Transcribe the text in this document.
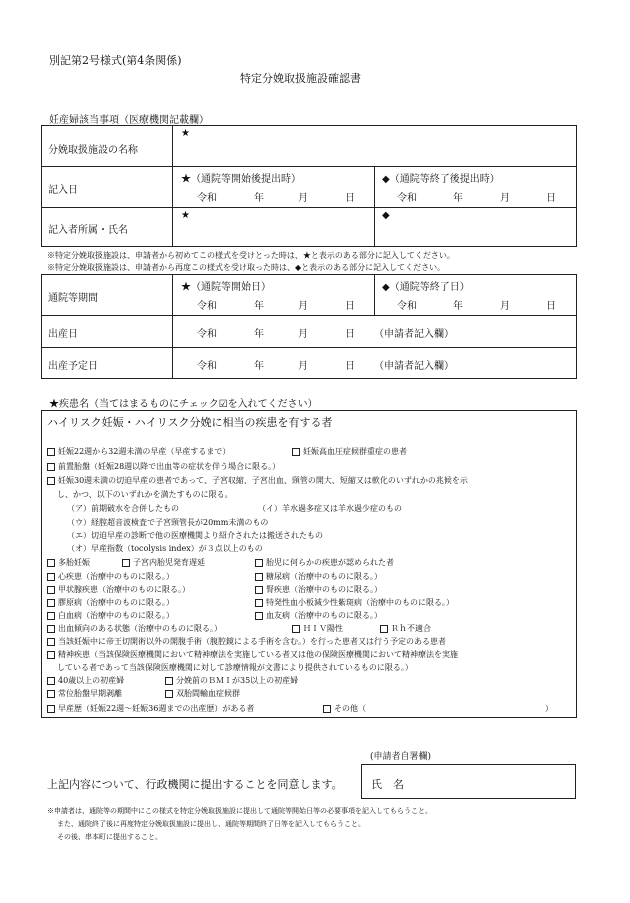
別記第2号様式(第4条関係)
特定分娩取扱施設確認書
妊産婦該当事項（医療機関記載欄）
分娩取扱施設の名称
★
記入日
★（通院等開始後提出時）	◆（通院等終了後提出時）
令和	年	月	日	令和	年	月	日
記入者所属・氏名
★	◆
※特定分娩取扱施設は、申請者から初めてこの様式を受けとった時は、★と表示のある部分に記入してください。
※特定分娩取扱施設は、申請者から再度この様式を受け取った時は、◆と表示のある部分に記入してください。
通院等期間
★（通院等開始日）	◆（通院等終了日）
令和	年	月	日	令和	年	月	日
出産日	令和	年	月	日 （申請者記入欄）
出産予定日	令和	年	月	日 （申請者記入欄）
★疾患名（当てはまるものにチェック☑を入れてください）
ハイリスク妊娠・ハイリスク分娩に相当の疾患を有する者
妊娠22週から32週未満の早産（早産するまで）	妊娠高血圧症候群重症の患者
前置胎盤（妊娠28週以降で出血等の症状を伴う場合に限る。）
妊娠30週未満の切迫早産の患者であって、子宮収縮、子宮出血、頸管の開大、短縮又は軟化のいずれかの兆候を示
し、かつ、以下のいずれかを満たすものに限る。
（ア）前期破水を合併したもの	（イ）羊水過多症又は羊水過少症のもの
（ウ）経腟超音波検査で子宮頸管長が20mm未満のもの
（エ）切迫早産の診断で他の医療機関より紹介されたは搬送されたもの
（オ）早産指数（tocolysis index）が３点以上のもの
多胎妊娠	子宮内胎児発育遅延	胎児に何らかの疾患が認められた者
心疾患（治療中のものに限る。）	糖尿病（治療中のものに限る。）
甲状腺疾患（治療中のものに限る。）	腎疾患（治療中のものに限る。）
膠原病（治療中のものに限る。）	特発性血小板減少性紫斑病（治療中のものに限る。）
白血病（治療中のものに限る。）	血友病（治療中のものに限る。）
出血傾向のある状態（治療中のものに限る。）	ＨＩＶ陽性	Ｒｈ不適合
当該妊娠中に帝王切開術以外の開腹手術（腹腔鏡による手術を含む。）を行った患者又は行う予定のある患者
精神疾患（当該保険医療機関において精神療法を実施している者又は他の保険医療機関において精神療法を実施
している者であって当該保険医療機関に対して診療情報が文書により提供されているものに限る。）
40歳以上の初産婦	分娩前のＢＭＩが35以上の初産婦
常位胎盤早期剥離	双胎間輸血症候群
早産歴（妊娠22週～妊娠36週までの出産歴）がある者	その他（	）
(申請者自署欄)
上記内容について、行政機関に提出することを同意します。	氏　名
※申請者は、通院等の期間中にこの様式を特定分娩取扱施設に提出して通院等開始日等の必要事項を記入してもらうこと。
また、通院終了後に再度特定分娩取扱施設に提出し、通院等期間終了日等を記入してもらうこと。
その後、串本町に提出すること。
